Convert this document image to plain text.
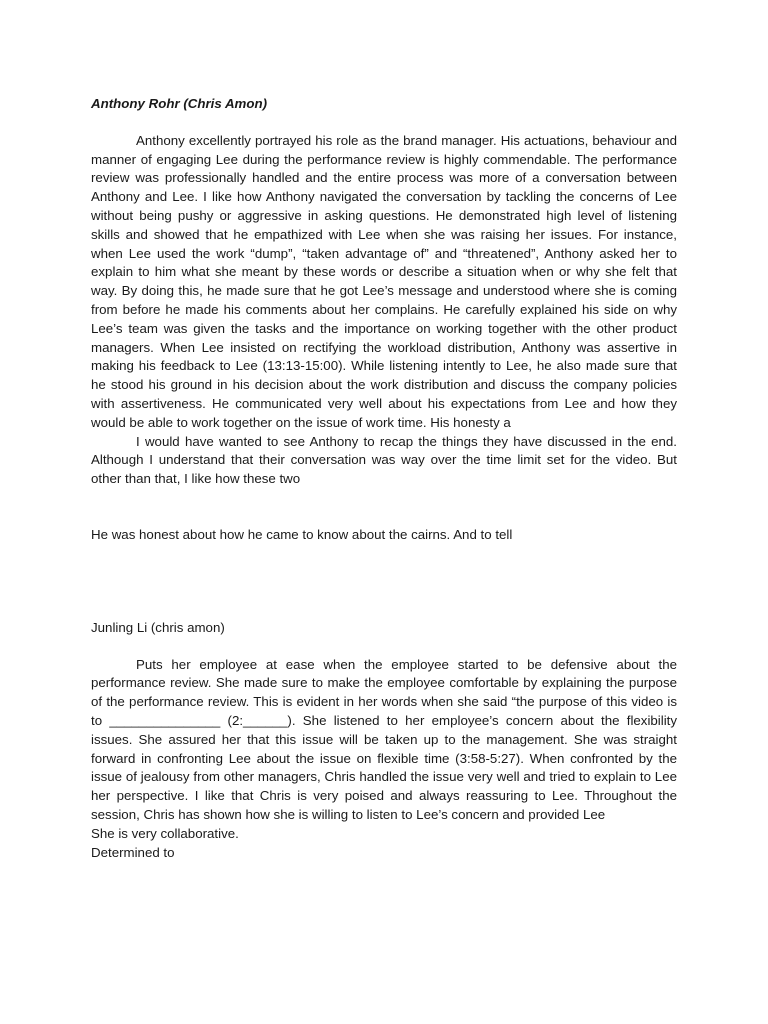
Anthony Rohr (Chris Amon)

Anthony excellently portrayed his role as the brand manager. His actuations, behaviour and manner of engaging Lee during the performance review is highly commendable. The performance review was professionally handled and the entire process was more of a conversation between Anthony and Lee. I like how Anthony navigated the conversation by tackling the concerns of Lee without being pushy or aggressive in asking questions. He demonstrated high level of listening skills and showed that he empathized with Lee when she was raising her issues. For instance, when Lee used the work “dump”, “taken advantage of” and “threatened”, Anthony asked her to explain to him what she meant by these words or describe a situation when or why she felt that way. By doing this, he made sure that he got Lee’s message and understood where she is coming from before he made his comments about her complains. He carefully explained his side on why Lee’s team was given the tasks and the importance on working together with the other product managers. When Lee insisted on rectifying the workload distribution, Anthony was assertive in making his feedback to Lee (13:13-15:00). While listening intently to Lee, he also made sure that he stood his ground in his decision about the work distribution and discuss the company policies with assertiveness. He communicated very well about his expectations from Lee and how they would be able to work together on the issue of work time. His honesty a

I would have wanted to see Anthony to recap the things they have discussed in the end. Although I understand that their conversation was way over the time limit set for the video. But other than that, I like how these two

He was honest about how he came to know about the cairns. And to tell

Junling Li (chris amon)

Puts her employee at ease when the employee started to be defensive about the performance review. She made sure to make the employee comfortable by explaining the purpose of the performance review. This is evident in her words when she said “the purpose of this video is to _______________ (2:______). She listened to her employee’s concern about the flexibility issues. She assured her that this issue will be taken up to the management. She was straight forward in confronting Lee about the issue on flexible time (3:58-5:27). When confronted by the issue of jealousy from other managers, Chris handled the issue very well and tried to explain to Lee her perspective. I like that Chris is very poised and always reassuring to Lee. Throughout the session, Chris has shown how she is willing to listen to Lee’s concern and provided Lee

She is very collaborative.

Determined to
